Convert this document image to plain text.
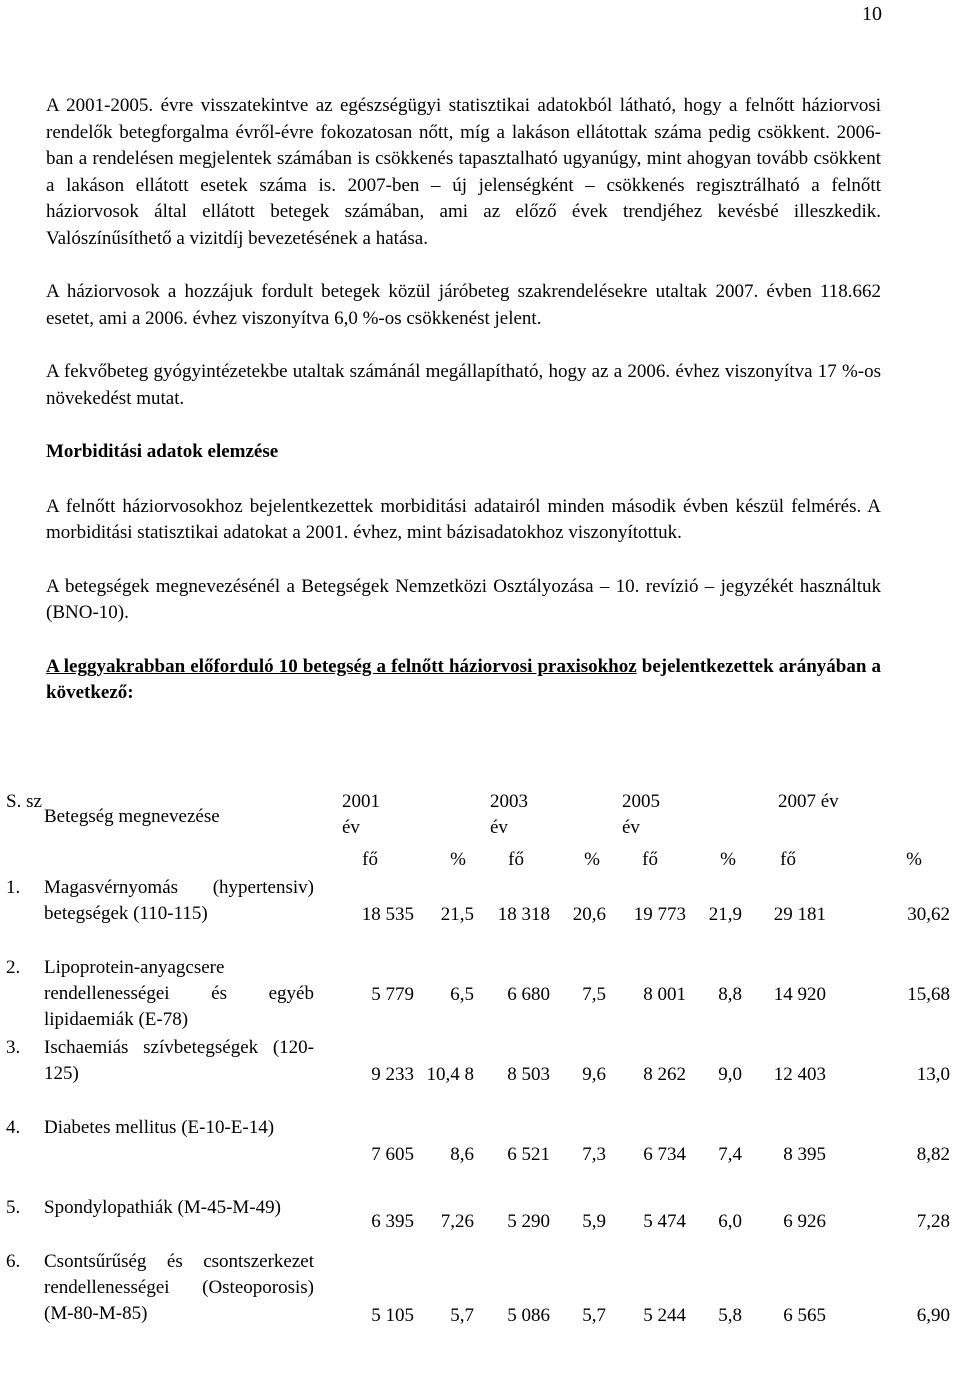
10

A 2001-2005. évre visszatekintve az egészségügyi statisztikai adatokból látható, hogy a felnőtt háziorvosi rendelők betegforgalma évről-évre fokozatosan nőtt, míg a lakáson ellátottak száma pedig csökkent. 2006-ban a rendelésen megjelentek számában is csökkenés tapasztalható ugyanúgy, mint ahogyan tovább csökkent a lakáson ellátott esetek száma is. 2007-ben – új jelenségként – csökkenés regisztrálható a felnőtt háziorvosok által ellátott betegek számában, ami az előző évek trendjéhez kevésbé illeszkedik. Valószínűsíthető a vizitdíj bevezetésének a hatása.

A háziorvosok a hozzájuk fordult betegek közül járóbeteg szakrendelésekre utaltak 2007. évben 118.662 esetet, ami a 2006. évhez viszonyítva 6,0 %-os csökkenést jelent.

A fekvőbeteg gyógyintézetekbe utaltak számánál megállapítható, hogy az a 2006. évhez viszonyítva 17 %-os növekedést mutat.

Morbiditási adatok elemzése

A felnőtt háziorvosokhoz bejelentkezettek morbiditási adatairól minden második évben készül felmérés. A morbiditási statisztikai adatokat a 2001. évhez, mint bázisadatokhoz viszonyítottuk.

A betegségek megnevezésénél a Betegségek Nemzetközi Osztályozása – 10. revízió – jegyzékét használtuk (BNO-10).

A leggyakrabban előforduló 10 betegség a felnőtt háziorvosi praxisokhoz bejelentkezettek arányában a következő:

S. sz	Betegség megnevezése	2001
év		2003
év		2005
év		2007 év	

		fő	%	fő	%	fő	%	fő	%
1.	Magasvérnyomás (hypertensiv) betegségek (110-115)	18 535	21,5	18 318	20,6	19 773	21,9	29 181	30,62
2.	Lipoprotein-anyagcsere rendellenességei és egyéb lipidaemiák (E-78)	5 779	6,5	6 680	7,5	8 001	8,8	14 920	15,68
3.	Ischaemiás szívbetegségek (120-125)	9 233	10,4 8	8 503	9,6	8 262	9,0	12 403	13,0
4.	Diabetes mellitus (E-10-E-14)	7 605	8,6	6 521	7,3	6 734	7,4	8 395	8,82
5.	Spondylopathiák (M-45-M-49)	6 395	7,26	5 290	5,9	5 474	6,0	6 926	7,28
6.	Csontsűrűség és csontszerkezet rendellenességei (Osteoporosis) (M-80-M-85)	5 105	5,7	5 086	5,7	5 244	5,8	6 565	6,90
